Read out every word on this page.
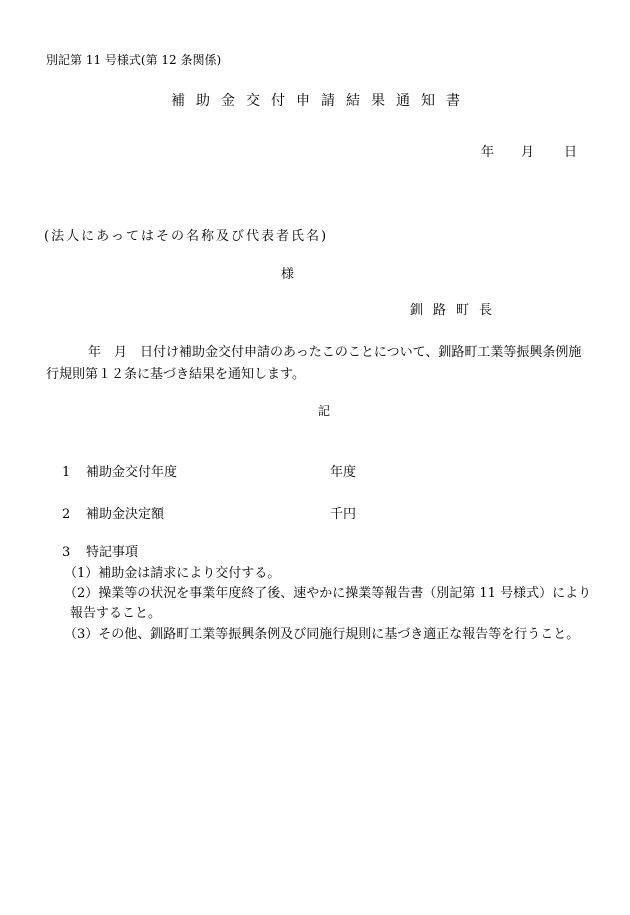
別記第 11 号様式(第 12 条関係)
補助金交付申請結果通知書
年 月 日
(法人にあってはその名称及び代表者氏名)
様
釧路町長
年　月　日付け補助金交付申請のあったこのことについて、釧路町工業等振興条例施
行規則第１２条に基づき結果を通知します。
記
1 補助金交付年度	年度
2 補助金決定額	千円
3 特記事項
（1）補助金は請求により交付する。
（2）操業等の状況を事業年度終了後、速やかに操業等報告書（別記第 11 号様式）により
報告すること。
（3）その他、釧路町工業等振興条例及び同施行規則に基づき適正な報告等を行うこと。
